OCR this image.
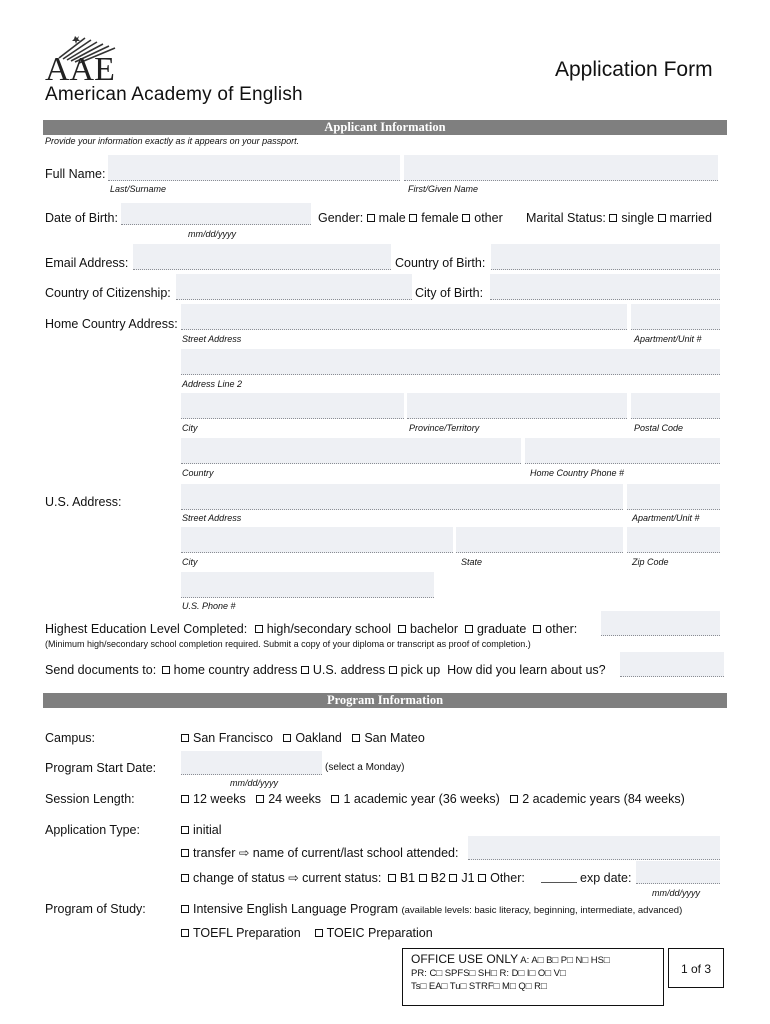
AAE
American Academy of English
Application Form
Applicant Information
Provide your information exactly as it appears on your passport.
Full Name:
Last/Surname	First/Given Name
Date of Birth:
mm/dd/yyyy
Gender: male female other Marital Status: single married
Email Address:	Country of Birth:
Country of Citizenship:	City of Birth:
Home Country Address:
Street Address	Apartment/Unit #
Address Line 2
City	Province/Territory	Postal Code
Country	Home Country Phone #
U.S. Address:
Street Address	Apartment/Unit #
City	State	Zip Code
U.S. Phone #
Highest Education Level Completed: high/secondary school bachelor graduate other:
(Minimum high/secondary school completion required. Submit a copy of your diploma or transcript as proof of completion.)
Send documents to: home country address U.S. address pick up How did you learn about us?
Program Information
Campus:	San Francisco Oakland San Mateo
Program Start Date:	(select a Monday)
mm/dd/yyyy
Session Length:	12 weeks 24 weeks 1 academic year (36 weeks) 2 academic years (84 weeks)
Application Type:	initial
transfer ⇨ name of current/last school attended:
change of status ⇨ current status: B1 B2 J1 Other:	exp date:
mm/dd/yyyy
Program of Study:	Intensive English Language Program (available levels: basic literacy, beginning, intermediate, advanced)
TOEFL Preparation TOEIC Preparation
OFFICE USE ONLY A: A□ B□ P□ N□ HS□
PR: C□ SPFS□ SH□ R: D□ I□ O□ V□
Ts□ EA□ Tu□ STRF□ M□ Q□ R□
1 of 3
